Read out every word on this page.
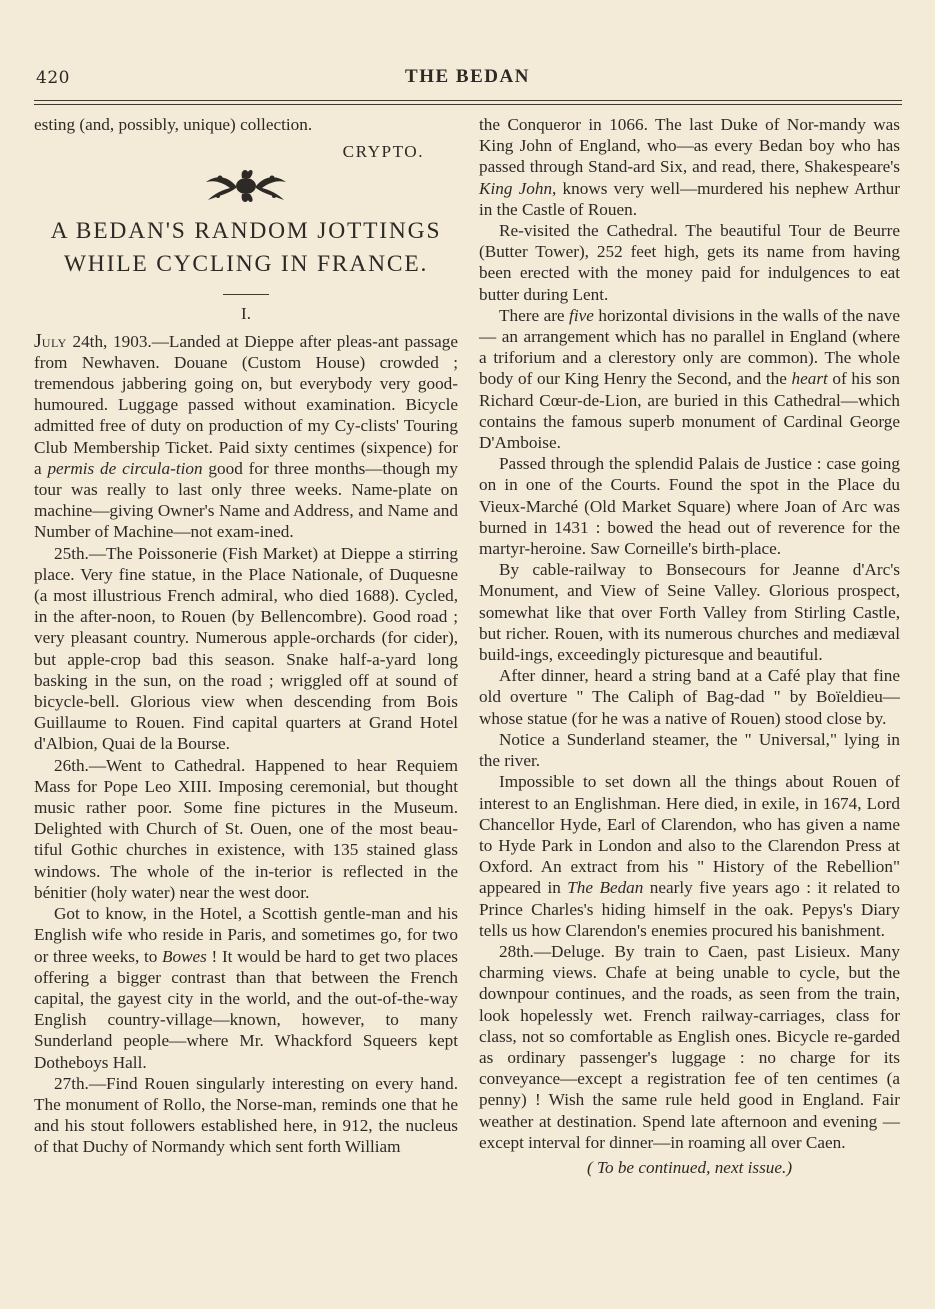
420	THE BEDAN

esting (and, possibly, unique) collection.

CRYPTO.

A BEDAN'S RANDOM JOTTINGS

WHILE CYCLING IN FRANCE.

I.

July 24th, 1903.—Landed at Dieppe after pleas-ant passage from Newhaven. Douane (Custom House) crowded ; tremendous jabbering going on, but everybody very good-humoured. Luggage passed without examination. Bicycle admitted free of duty on production of my Cy-clists' Touring Club Membership Ticket. Paid sixty centimes (sixpence) for a permis de circula-tion good for three months—though my tour was really to last only three weeks. Name-plate on machine—giving Owner's Name and Address, and Name and Number of Machine—not exam-ined.

25th.—The Poissonerie (Fish Market) at Dieppe a stirring place. Very fine statue, in the Place Nationale, of Duquesne (a most illustrious French admiral, who died 1688). Cycled, in the after-noon, to Rouen (by Bellencombre). Good road ; very pleasant country. Numerous apple-orchards (for cider), but apple-crop bad this season. Snake half-a-yard long basking in the sun, on the road ; wriggled off at sound of bicycle-bell. Glorious view when descending from Bois Guillaume to Rouen. Find capital quarters at Grand Hotel d'Albion, Quai de la Bourse.

26th.—Went to Cathedral. Happened to hear Requiem Mass for Pope Leo XIII. Imposing ceremonial, but thought music rather poor. Some fine pictures in the Museum. Delighted with Church of St. Ouen, one of the most beau-tiful Gothic churches in existence, with 135 stained glass windows. The whole of the in-terior is reflected in the bénitier (holy water) near the west door.

Got to know, in the Hotel, a Scottish gentle-man and his English wife who reside in Paris, and sometimes go, for two or three weeks, to Bowes ! It would be hard to get two places offering a bigger contrast than that between the French capital, the gayest city in the world, and the out-of-the-way English country-village—known, however, to many Sunderland people—where Mr. Whackford Squeers kept Dotheboys Hall.

27th.—Find Rouen singularly interesting on every hand. The monument of Rollo, the Norse-man, reminds one that he and his stout followers established here, in 912, the nucleus of that Duchy of Normandy which sent forth William

the Conqueror in 1066. The last Duke of Nor-mandy was King John of England, who—as every Bedan boy who has passed through Stand-ard Six, and read, there, Shakespeare's King John, knows very well—murdered his nephew Arthur in the Castle of Rouen.

Re-visited the Cathedral. The beautiful Tour de Beurre (Butter Tower), 252 feet high, gets its name from having been erected with the money paid for indulgences to eat butter during Lent.

There are five horizontal divisions in the walls of the nave — an arrangement which has no parallel in England (where a triforium and a clerestory only are common). The whole body of our King Henry the Second, and the heart of his son Richard Cœur-de-Lion, are buried in this Cathedral—which contains the famous superb monument of Cardinal George D'Amboise.

Passed through the splendid Palais de Justice : case going on in one of the Courts. Found the spot in the Place du Vieux-Marché (Old Market Square) where Joan of Arc was burned in 1431 : bowed the head out of reverence for the martyr-heroine. Saw Corneille's birth-place.

By cable-railway to Bonsecours for Jeanne d'Arc's Monument, and View of Seine Valley. Glorious prospect, somewhat like that over Forth Valley from Stirling Castle, but richer. Rouen, with its numerous churches and mediæval build-ings, exceedingly picturesque and beautiful.

After dinner, heard a string band at a Café play that fine old overture " The Caliph of Bag-dad " by Boïeldieu—whose statue (for he was a native of Rouen) stood close by.

Notice a Sunderland steamer, the " Universal," lying in the river.

Impossible to set down all the things about Rouen of interest to an Englishman. Here died, in exile, in 1674, Lord Chancellor Hyde, Earl of Clarendon, who has given a name to Hyde Park in London and also to the Clarendon Press at Oxford. An extract from his " History of the Rebellion" appeared in The Bedan nearly five years ago : it related to Prince Charles's hiding himself in the oak. Pepys's Diary tells us how Clarendon's enemies procured his banishment.

28th.—Deluge. By train to Caen, past Lisieux. Many charming views. Chafe at being unable to cycle, but the downpour continues, and the roads, as seen from the train, look hopelessly wet. French railway-carriages, class for class, not so comfortable as English ones. Bicycle re-garded as ordinary passenger's luggage : no charge for its conveyance—except a registration fee of ten centimes (a penny) ! Wish the same rule held good in England. Fair weather at destination. Spend late afternoon and evening —except interval for dinner—in roaming all over Caen.

( To be continued, next issue.)
